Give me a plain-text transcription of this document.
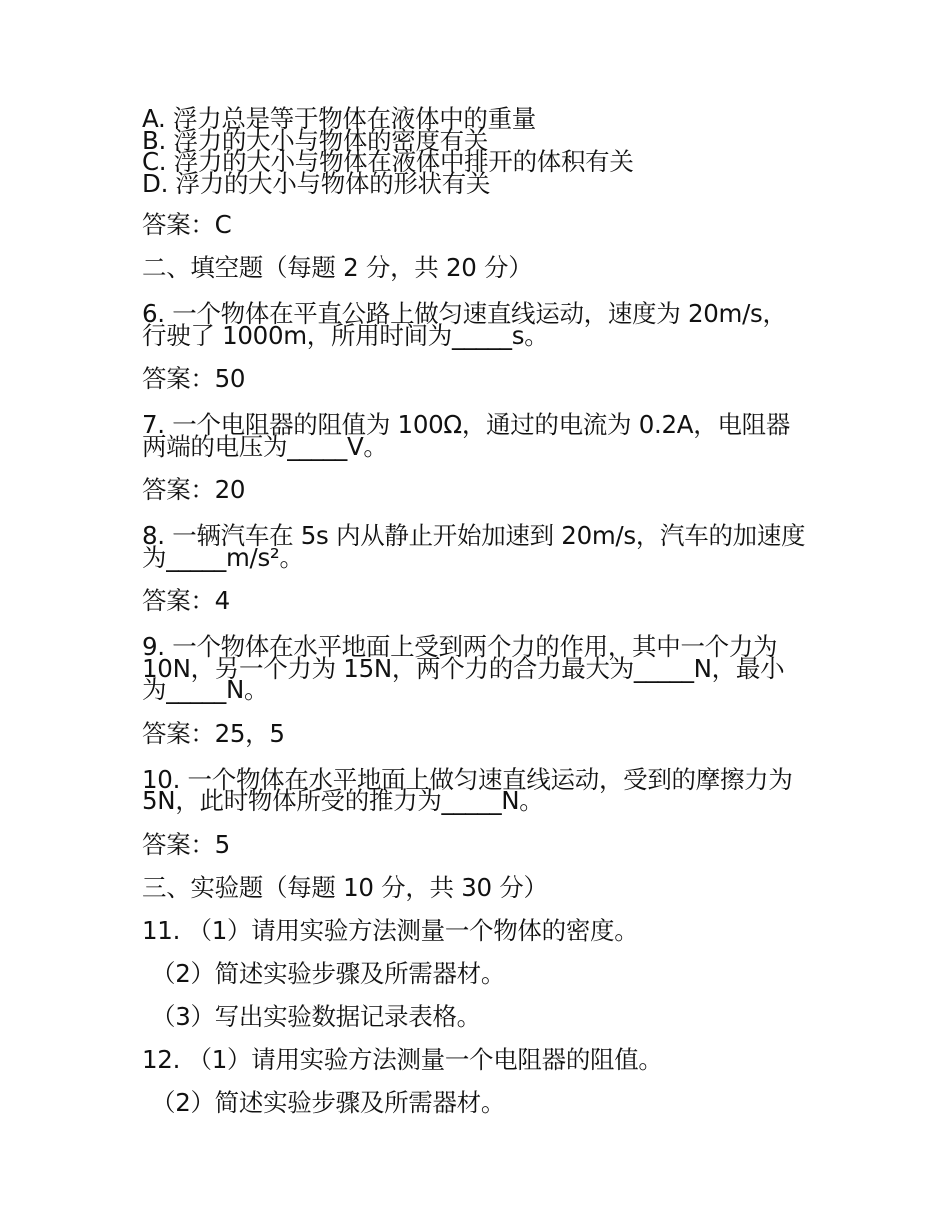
A. 浮力总是等于物体在液体中的重量
B. 浮力的大小与物体的密度有关
C. 浮力的大小与物体在液体中排开的体积有关
D. 浮力的大小与物体的形状有关
答案：C
二、填空题（每题 2 分，共 20 分）
6. 一个物体在平直公路上做匀速直线运动，速度为 20m/s，
行驶了 1000m，所用时间为_____s。
答案：50
7. 一个电阻器的阻值为 100Ω，通过的电流为 0.2A，电阻器
两端的电压为_____V。
答案：20
8. 一辆汽车在 5s 内从静止开始加速到 20m/s，汽车的加速度
为_____m/s²。
答案：4
9. 一个物体在水平地面上受到两个力的作用，其中一个力为
10N，另一个力为 15N，两个力的合力最大为_____N，最小
为_____N。
答案：25，5
10. 一个物体在水平地面上做匀速直线运动，受到的摩擦力为
5N，此时物体所受的推力为_____N。
答案：5
三、实验题（每题 10 分，共 30 分）
11. （1）请用实验方法测量一个物体的密度。
（2）简述实验步骤及所需器材。
（3）写出实验数据记录表格。
12. （1）请用实验方法测量一个电阻器的阻值。
（2）简述实验步骤及所需器材。
